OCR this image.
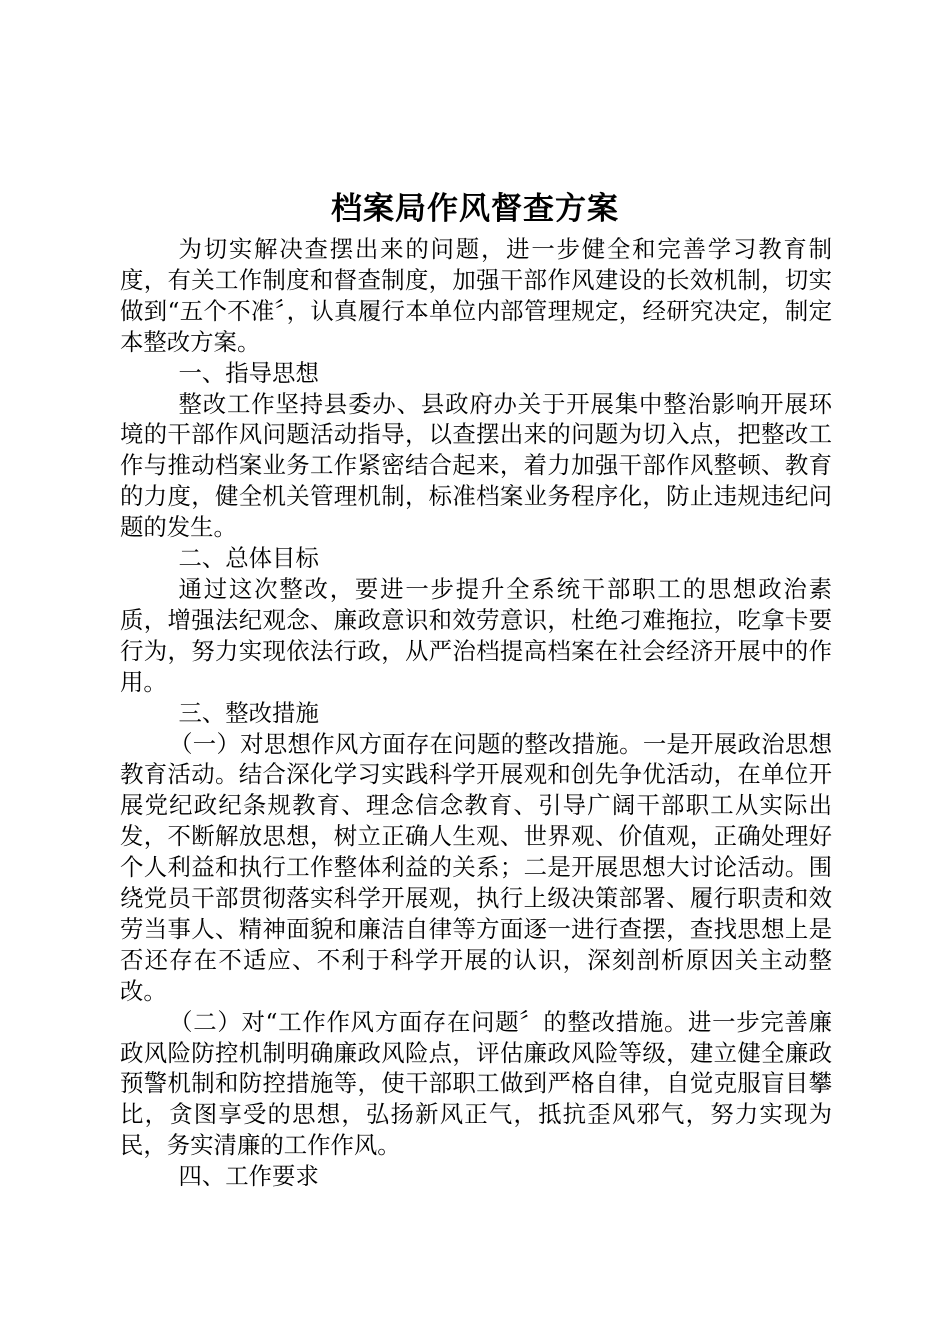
档案局作风督查方案

为切实解决查摆出来的问题，进一步健全和完善学习教育制度，有关工作制度和督查制度，加强干部作风建设的长效机制，切实做到“五个不准〞，认真履行本单位内部管理规定，经研究决定，制定本整改方案。

一、指导思想

整改工作坚持县委办、县政府办关于开展集中整治影响开展环境的干部作风问题活动指导，以查摆出来的问题为切入点，把整改工作与推动档案业务工作紧密结合起来，着力加强干部作风整顿、教育的力度，健全机关管理机制，标准档案业务程序化，防止违规违纪问题的发生。

二、总体目标

通过这次整改，要进一步提升全系统干部职工的思想政治素质，增强法纪观念、廉政意识和效劳意识，杜绝刁难拖拉，吃拿卡要行为，努力实现依法行政，从严治档提高档案在社会经济开展中的作用。

三、整改措施

（一）对思想作风方面存在问题的整改措施。一是开展政治思想教育活动。结合深化学习实践科学开展观和创先争优活动，在单位开展党纪政纪条规教育、理念信念教育、引导广阔干部职工从实际出发，不断解放思想，树立正确人生观、世界观、价值观，正确处理好个人利益和执行工作整体利益的关系；二是开展思想大讨论活动。围绕党员干部贯彻落实科学开展观，执行上级决策部署、履行职责和效劳当事人、精神面貌和廉洁自律等方面逐一进行查摆，查找思想上是否还存在不适应、不利于科学开展的认识，深刻剖析原因关主动整改。

（二）对“工作作风方面存在问题〞的整改措施。进一步完善廉政风险防控机制明确廉政风险点，评估廉政风险等级，建立健全廉政预警机制和防控措施等，使干部职工做到严格自律，自觉克服盲目攀比，贪图享受的思想，弘扬新风正气，抵抗歪风邪气，努力实现为民，务实清廉的工作作风。

四、工作要求
